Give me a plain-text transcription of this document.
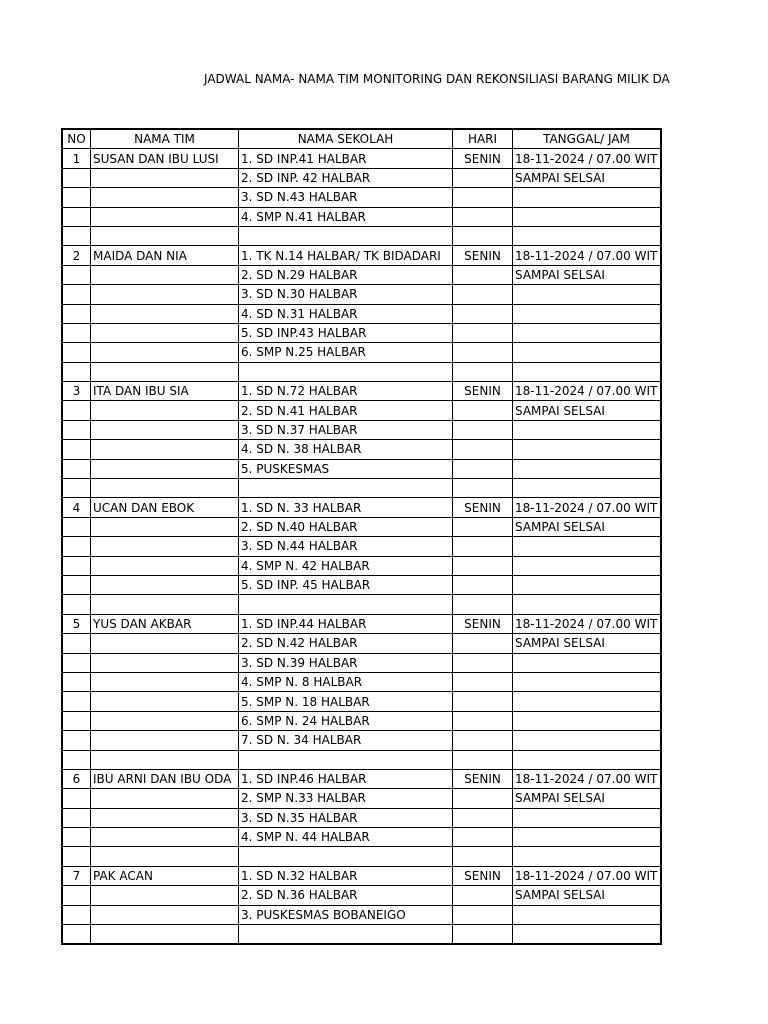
JADWAL NAMA- NAMA TIM MONITORING DAN REKONSILIASI BARANG MILIK DA
NO	NAMA TIM	NAMA SEKOLAH	HARI	TANGGAL/ JAM
1	SUSAN DAN IBU LUSI	1. SD INP.41 HALBAR	SENIN	18-11-2024 / 07.00 WIT
		2. SD INP. 42 HALBAR		SAMPAI SELSAI
		3. SD N.43 HALBAR		
		4. SMP N.41 HALBAR		

2	MAIDA DAN NIA	1. TK N.14 HALBAR/ TK BIDADARI	SENIN	18-11-2024 / 07.00 WIT
		2. SD N.29 HALBAR		SAMPAI SELSAI
		3. SD N.30 HALBAR		
		4. SD N.31 HALBAR		
		5. SD INP.43 HALBAR		
		6. SMP N.25 HALBAR		

3	ITA DAN IBU SIA	1. SD N.72 HALBAR	SENIN	18-11-2024 / 07.00 WIT
		2. SD N.41 HALBAR		SAMPAI SELSAI
		3. SD N.37 HALBAR		
		4. SD N. 38 HALBAR		
		5. PUSKESMAS		

4	UCAN DAN EBOK	1. SD N. 33 HALBAR	SENIN	18-11-2024 / 07.00 WIT
		2. SD N.40 HALBAR		SAMPAI SELSAI
		3. SD N.44 HALBAR		
		4. SMP N. 42 HALBAR		
		5. SD INP. 45 HALBAR		

5	YUS DAN AKBAR	1. SD INP.44 HALBAR	SENIN	18-11-2024 / 07.00 WIT
		2. SD N.42 HALBAR		SAMPAI SELSAI
		3. SD N.39 HALBAR		
		4. SMP N. 8 HALBAR		
		5. SMP N. 18 HALBAR		
		6. SMP N. 24 HALBAR		
		7. SD N. 34 HALBAR		

6	IBU ARNI DAN IBU ODA	1. SD INP.46 HALBAR	SENIN	18-11-2024 / 07.00 WIT
		2. SMP N.33 HALBAR		SAMPAI SELSAI
		3. SD N.35 HALBAR		
		4. SMP N. 44 HALBAR		

7	PAK ACAN	1. SD N.32 HALBAR	SENIN	18-11-2024 / 07.00 WIT
		2. SD N.36 HALBAR		SAMPAI SELSAI
		3. PUSKESMAS BOBANEIGO		
